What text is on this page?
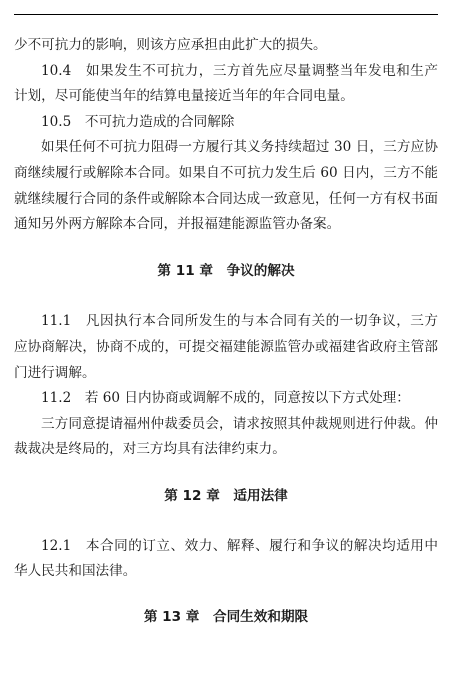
少不可抗力的影响，则该方应承担由此扩大的损失。

10.4　如果发生不可抗力，三方首先应尽量调整当年发电和生产计划，尽可能使当年的结算电量接近当年的年合同电量。

10.5　不可抗力造成的合同解除

如果任何不可抗力阻碍一方履行其义务持续超过 30 日，三方应协商继续履行或解除本合同。如果自不可抗力发生后 60 日内，三方不能就继续履行合同的条件或解除本合同达成一致意见，任何一方有权书面通知另外两方解除本合同，并报福建能源监管办备案。

第 11 章　争议的解决

11.1　凡因执行本合同所发生的与本合同有关的一切争议，三方应协商解决，协商不成的，可提交福建能源监管办或福建省政府主管部门进行调解。

11.2　若 60 日内协商或调解不成的，同意按以下方式处理：

三方同意提请福州仲裁委员会，请求按照其仲裁规则进行仲裁。仲裁裁决是终局的，对三方均具有法律约束力。

第 12 章　适用法律

12.1　本合同的订立、效力、解释、履行和争议的解决均适用中华人民共和国法律。

第 13 章　合同生效和期限
